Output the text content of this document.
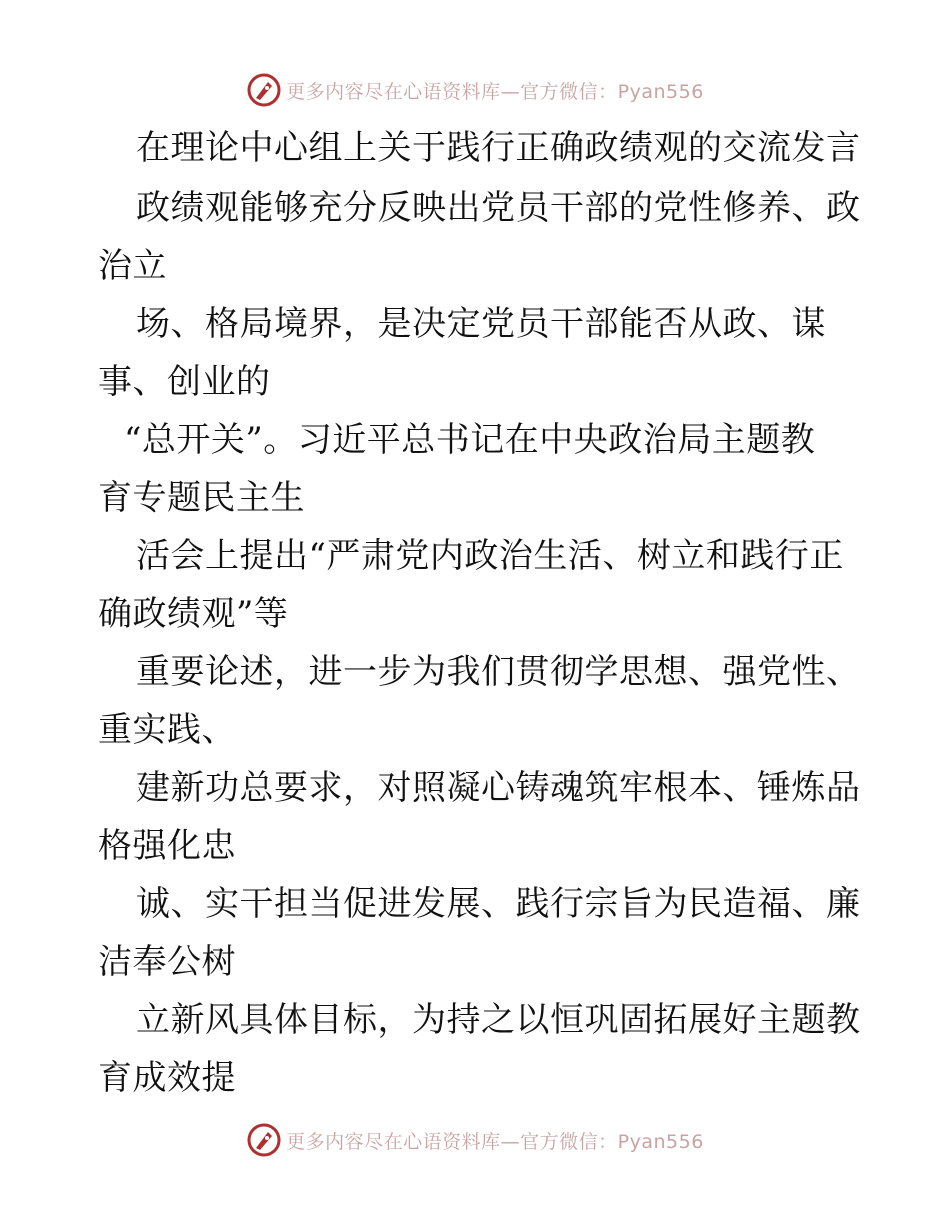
更多内容尽在心语资料库—官方微信：Pyan556
在理论中心组上关于践行正确政绩观的交流发言
政绩观能够充分反映出党员干部的党性修养、政
治立
场、格局境界，是决定党员干部能否从政、谋
事、创业的
“总开关”。习近平总书记在中央政治局主题教
育专题民主生
活会上提出“严肃党内政治生活、树立和践行正
确政绩观”等
重要论述，进一步为我们贯彻学思想、强党性、
重实践、
建新功总要求，对照凝心铸魂筑牢根本、锤炼品
格强化忠
诚、实干担当促进发展、践行宗旨为民造福、廉
洁奉公树
立新风具体目标，为持之以恒巩固拓展好主题教
育成效提
更多内容尽在心语资料库—官方微信：Pyan556
